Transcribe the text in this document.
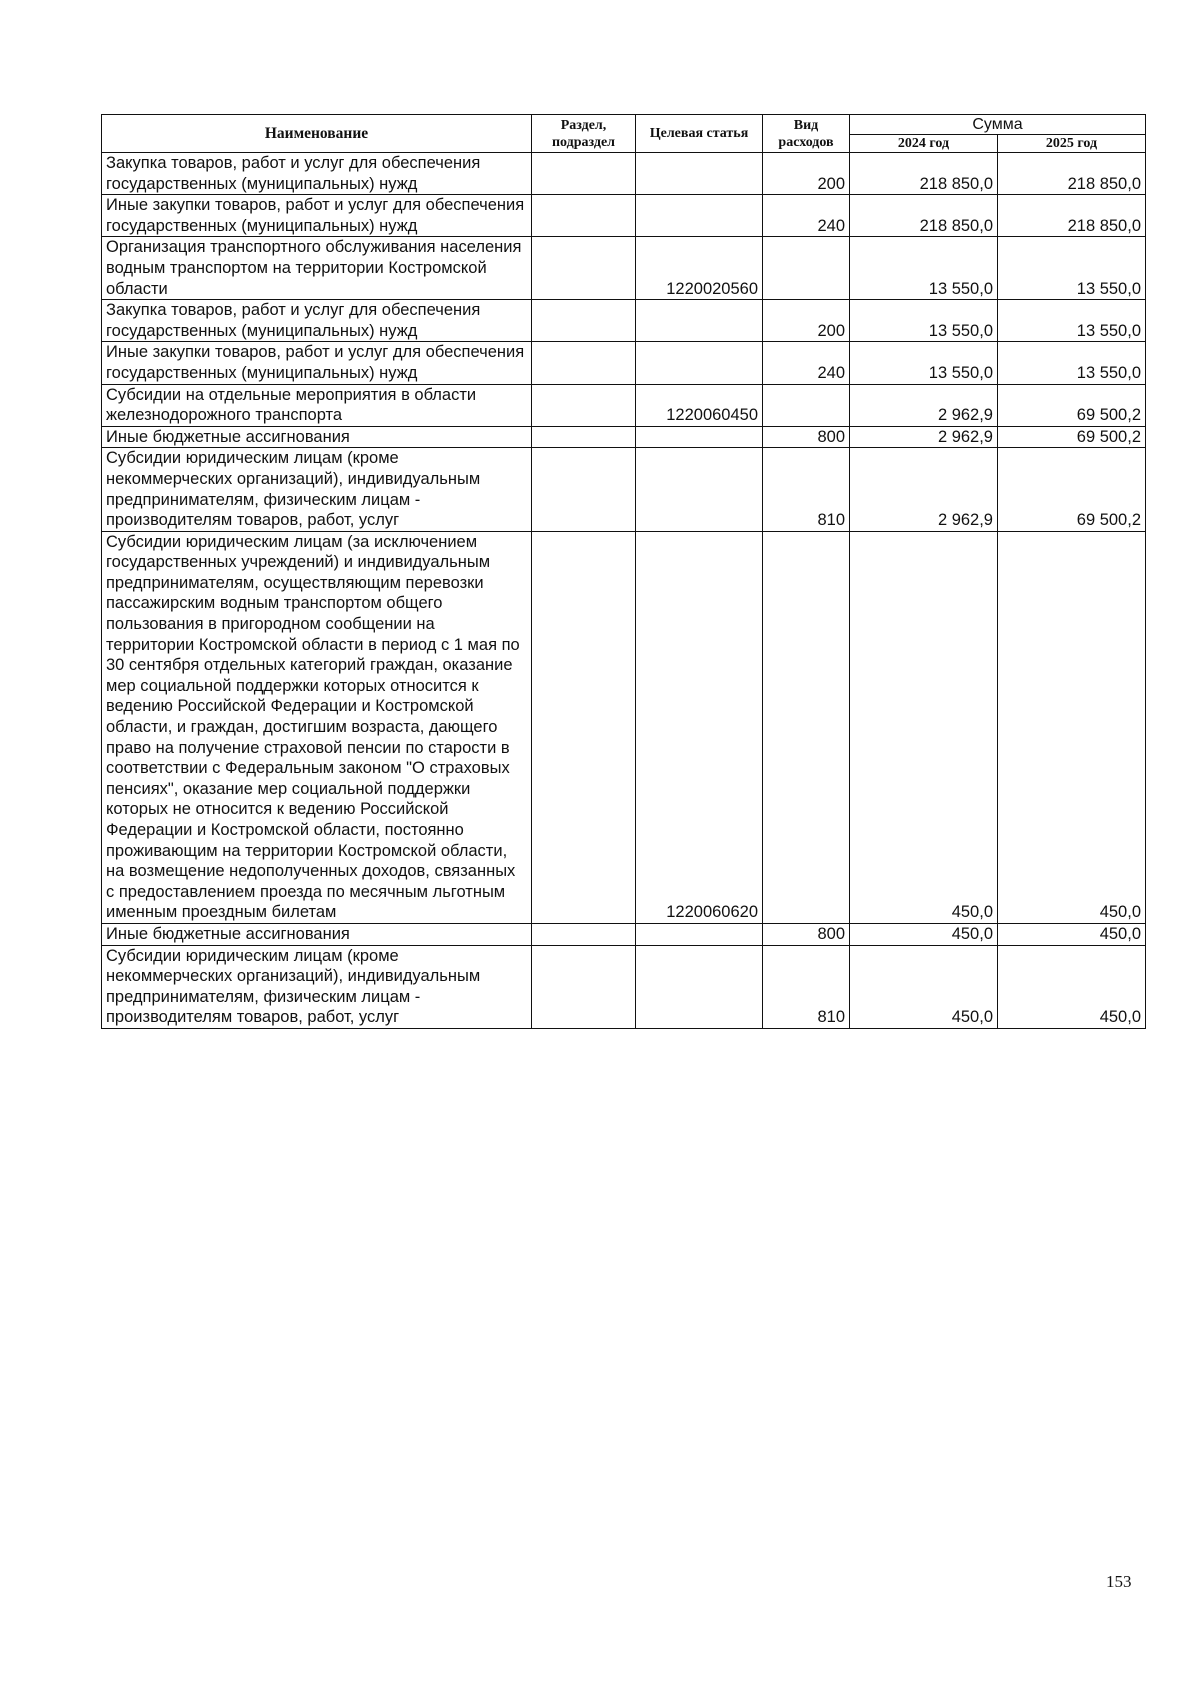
Наименование	Раздел, подраздел	Целевая статья	Вид расходов	Сумма	
				2024 год	2025 год
Закупка товаров, работ и услуг для обеспечения государственных (муниципальных) нужд			200	218 850,0	218 850,0
Иные закупки товаров, работ и услуг для обеспечения государственных (муниципальных) нужд			240	218 850,0	218 850,0
Организация транспортного обслуживания населения водным транспортом на территории Костромской области		1220020560		13 550,0	13 550,0
Закупка товаров, работ и услуг для обеспечения государственных (муниципальных) нужд			200	13 550,0	13 550,0
Иные закупки товаров, работ и услуг для обеспечения государственных (муниципальных) нужд			240	13 550,0	13 550,0
Субсидии на отдельные мероприятия в области железнодорожного транспорта		1220060450		2 962,9	69 500,2
Иные бюджетные ассигнования			800	2 962,9	69 500,2
Субсидии юридическим лицам (кроме некоммерческих организаций), индивидуальным предпринимателям, физическим лицам - производителям товаров, работ, услуг			810	2 962,9	69 500,2
Субсидии юридическим лицам (за исключением государственных учреждений) и индивидуальным предпринимателям, осуществляющим перевозки пассажирским водным транспортом общего пользования в пригородном сообщении на территории Костромской области в период с 1 мая по 30 сентября отдельных категорий граждан, оказание мер социальной поддержки которых относится к ведению Российской Федерации и Костромской области, и граждан, достигшим возраста, дающего право на получение страховой пенсии по старости в соответствии с Федеральным законом "О страховых пенсиях", оказание мер социальной поддержки которых не относится к ведению Российской Федерации и Костромской области, постоянно проживающим на территории Костромской области, на возмещение недополученных доходов, связанных с предоставлением проезда по месячным льготным именным проездным билетам		1220060620		450,0	450,0
Иные бюджетные ассигнования			800	450,0	450,0
Субсидии юридическим лицам (кроме некоммерческих организаций), индивидуальным предпринимателям, физическим лицам - производителям товаров, работ, услуг			810	450,0	450,0
153
